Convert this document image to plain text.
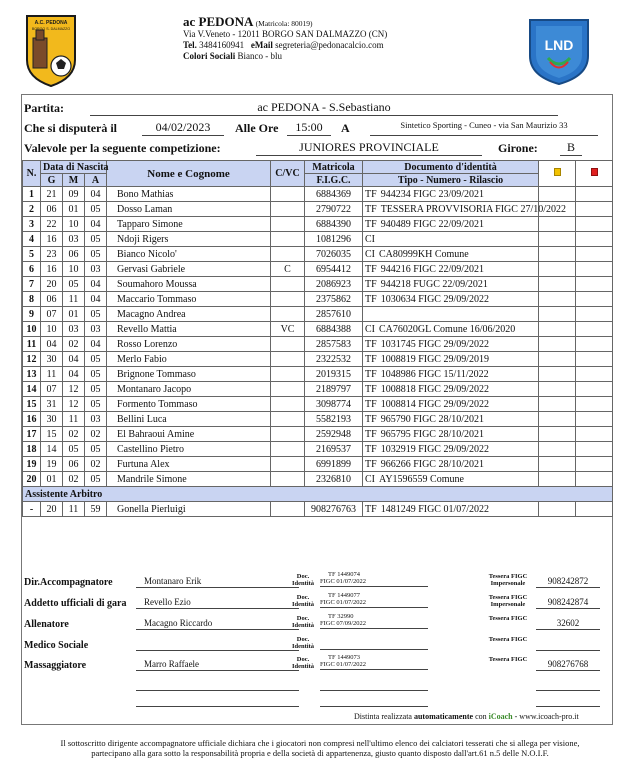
A.C. PEDONA
BORGO S. DALMAZZO	ac PEDONA (Matricola: 80019)
Via V.Veneto - 12011 BORGO SAN DALMAZZO (CN)
Tel. 3484160941 eMail segreteria@pedonacalcio.com
Colori Sociali Bianco - blu
LND
Partita:	ac PEDONA - S.Sebastiano
Che si disputerà il	04/02/2023	Alle Ore	15:00	A	Sintetico Sporting - Cuneo - via San Maurizio 33
Valevole per la seguente competizione:	JUNIORES PROVINCIALE	Girone:	B
N.	Data di Nascita			Nome e Cognome	C/VC	Matricola	Documento d'identità		
	G	M	A			F.I.G.C.	Tipo - Numero - Rilascio		
1	21	09	04	Bono Mathias		6884369	TF 944234 FIGC 23/09/2021		
2	06	01	05	Dosso Laman		2790722	TF TESSERA PROVVISORIA FIGC 27/10/2022		
3	22	10	04	Tapparo Simone		6884390	TF 940489 FIGC 22/09/2021		
4	16	03	05	Ndoji Rigers		1081296	CI		
5	23	06	05	Bianco Nicolo'		7026035	CI CA80999KH Comune		
6	16	10	03	Gervasi Gabriele	C	6954412	TF 944216 FIGC 22/09/2021		
7	20	05	04	Soumahoro Moussa		2086923	TF 944218 FUGC 22/09/2021		
8	06	11	04	Maccario Tommaso		2375862	TF 1030634 FIGC 29/09/2022		
9	07	01	05	Macagno Andrea		2857610			
10	10	03	03	Revello Mattia	VC	6884388	CI CA76020GL Comune 16/06/2020		
11	04	02	04	Rosso Lorenzo		2857583	TF 1031745 FIGC 29/09/2022		
12	30	04	05	Merlo Fabio		2322532	TF 1008819 FIGC 29/09/2019		
13	11	04	05	Brignone Tommaso		2019315	TF 1048986 FIGC 15/11/2022		
14	07	12	05	Montanaro Jacopo		2189797	TF 1008818 FIGC 29/09/2022		
15	31	12	05	Formento Tommaso		3098774	TF 1008814 FIGC 29/09/2022		
16	30	11	03	Bellini Luca		5582193	TF 965790 FIGC 28/10/2021		
17	15	02	02	El Bahraoui Amine		2592948	TF 965795 FIGC 28/10/2021		
18	14	05	05	Castellino Pietro		2169537	TF 1032919 FIGC 29/09/2022		
19	19	06	02	Furtuna Alex		6991899	TF 966266 FIGC 28/10/2021		
20	01	02	05	Mandrile Simone		2326810	CI AY1596559 Comune		
Assistente Arbitro									
-	20	11	59	Gonella Pierluigi		908276763	TF 1481249 FIGC 01/07/2022		
Dir.Accompagnatore	Montanaro Erik	Doc. Identità
Tessera FIGC Impersonale	908242872
TF 1449074
FIGC 01/07/2022
Addetto ufficiali di gara	Revello Ezio	Doc. Identità
Tessera FIGC Impersonale	908242874
TF 1449077
FIGC 01/07/2022
Allenatore	Macagno Riccardo	Doc. Identità
Tessera FIGC	32602
TF 32990
FIGC 07/09/2022
Medico Sociale
Doc. Identità
Tessera FIGC
Massaggiatore	Marro Raffaele	Doc. Identità
Tessera FIGC	908276768
TF 1449073
FIGC 01/07/2022
Distinta realizzata automaticamente con iCoach - www.icoach-pro.it
Il sottoscritto dirigente accompagnatore ufficiale dichiara che i giocatori non compresi nell'ultimo elenco dei calciatori tesserati che si allega per visione, partecipano alla gara sotto la responsabilità propria e della società di appartenenza, giusto quanto disposto dall'art.61 n.5 delle N.O.I.F.
